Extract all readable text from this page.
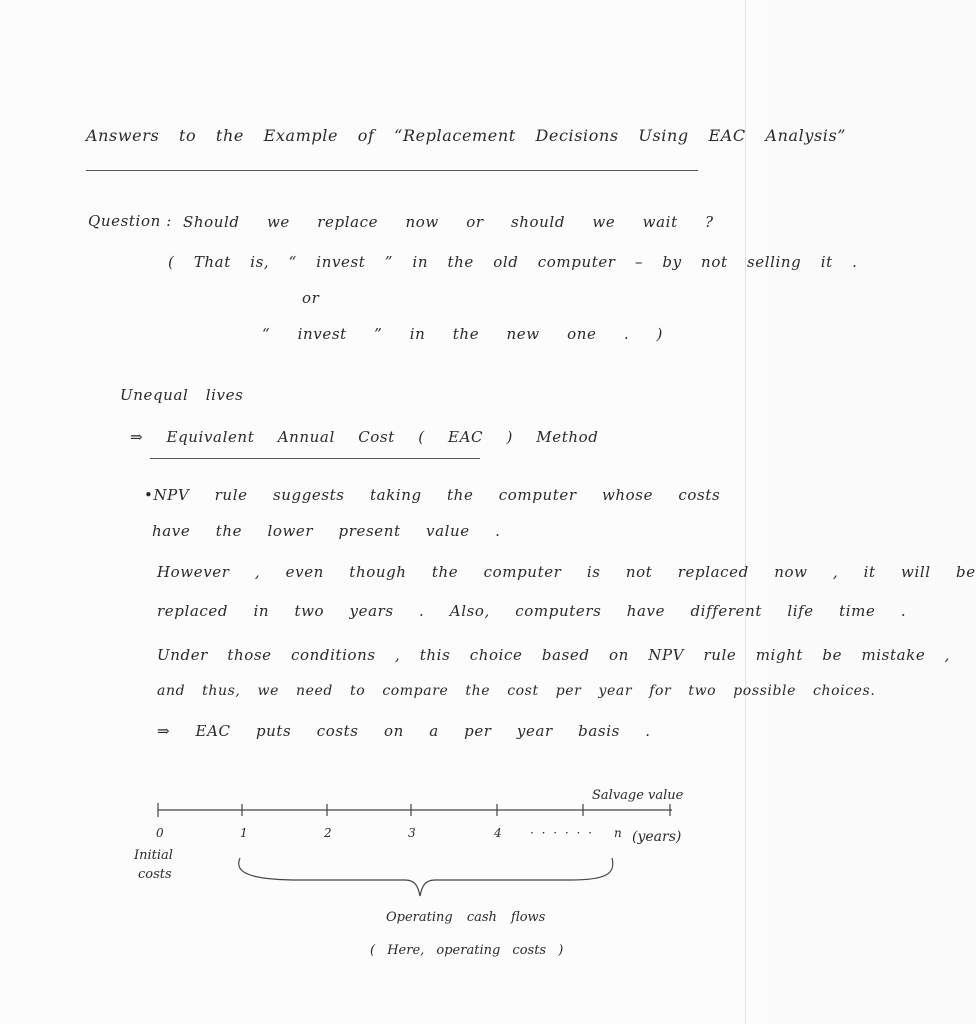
Answers to the Example of “Replacement Decisions Using EAC Analysis”
Question : Should we replace now or should we wait ?
( That is, “ invest ” in the old computer – by not selling it .
or
“ invest ” in the new one . )
Unequal lives
⇒ Equivalent Annual Cost ( EAC ) Method
•NPV rule suggests taking the computer whose costs
have the lower present value .
However , even though the computer is not replaced now , it will be
replaced in two years . Also, computers have different life time .
Under those conditions , this choice based on NPV rule might be mistake ,
and thus, we need to compare the cost per year for two possible choices.
⇒ EAC puts costs on a per year basis .
0	1	2	3	4 · · · · · · n (years)
Salvage value
Initial
costs
Operating cash flows
( Here, operating costs )
